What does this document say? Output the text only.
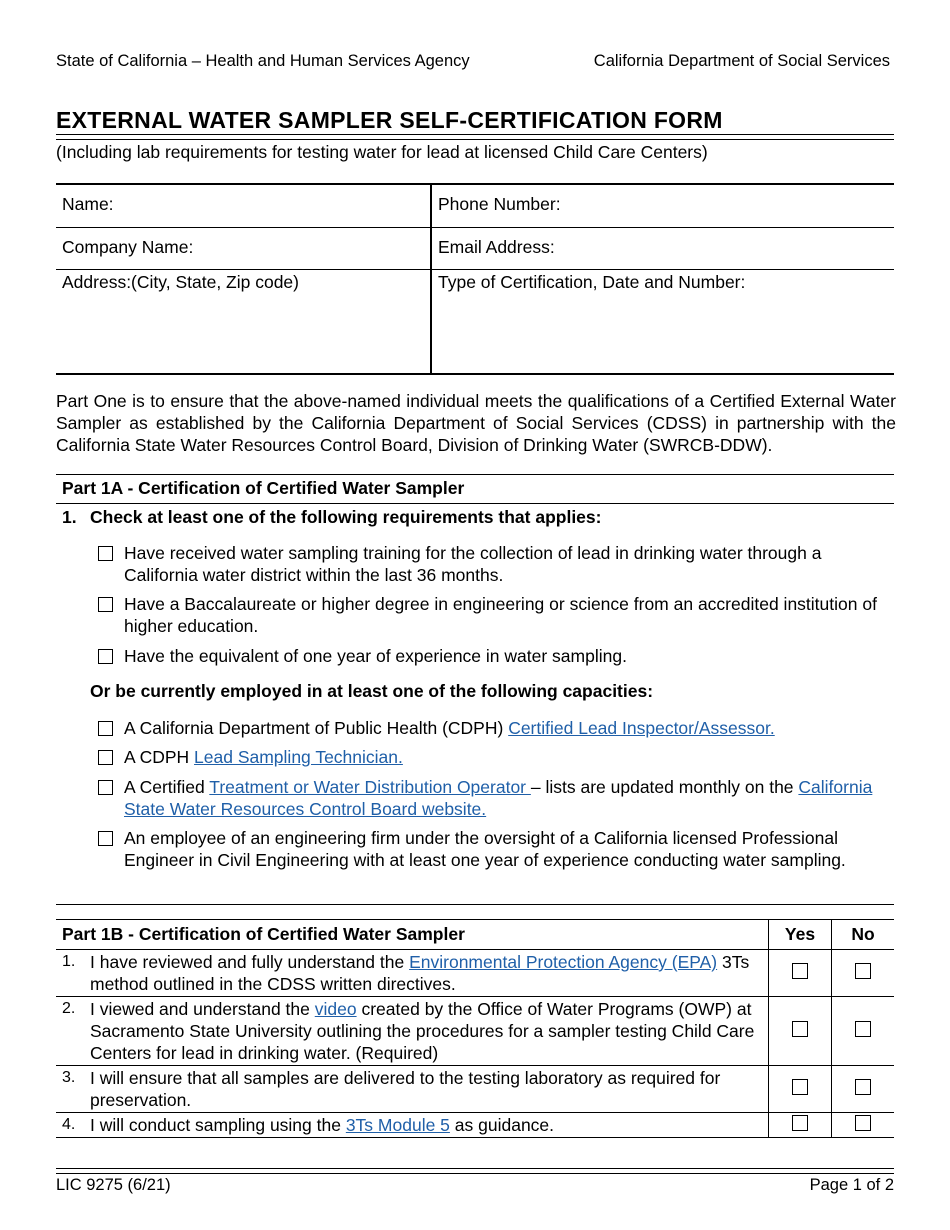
State of California – Health and Human Services Agency	California Department of Social Services
EXTERNAL WATER SAMPLER SELF-CERTIFICATION FORM
(Including lab requirements for testing water for lead at licensed Child Care Centers)
Name:	Phone Number:
Company Name:	Email Address:
Address:(City, State, Zip code)	Type of Certification, Date and Number:
Part One is to ensure that the above-named individual meets the qualifications of a Certified External Water Sampler as established by the California Department of Social Services (CDSS) in partnership with the California State Water Resources Control Board, Division of Drinking Water (SWRCB-DDW).
Part 1A - Certification of Certified Water Sampler
1. Check at least one of the following requirements that applies:
Have received water sampling training for the collection of lead in drinking water through a California water district within the last 36 months.
Have a Baccalaureate or higher degree in engineering or science from an accredited institution of higher education.
Have the equivalent of one year of experience in water sampling.
Or be currently employed in at least one of the following capacities:
A California Department of Public Health (CDPH) Certified Lead Inspector/Assessor.
A CDPH Lead Sampling Technician.
A Certified Treatment or Water Distribution Operator – lists are updated monthly on the California State Water Resources Control Board website.
An employee of an engineering firm under the oversight of a California licensed Professional Engineer in Civil Engineering with at least one year of experience conducting water sampling.
Part 1B - Certification of Certified Water Sampler	Yes	No

1. I have reviewed and fully understand the Environmental Protection Agency (EPA) 3Ts method outlined in the CDSS written directives.		

2. I viewed and understand the video created by the Office of Water Programs (OWP) at Sacramento State University outlining the procedures for a sampler testing Child Care Centers for lead in drinking water. (Required)		

3. I will ensure that all samples are delivered to the testing laboratory as required for preservation.		

4. I will conduct sampling using the 3Ts Module 5 as guidance.		

LIC 9275 (6/21)	Page 1 of 2
